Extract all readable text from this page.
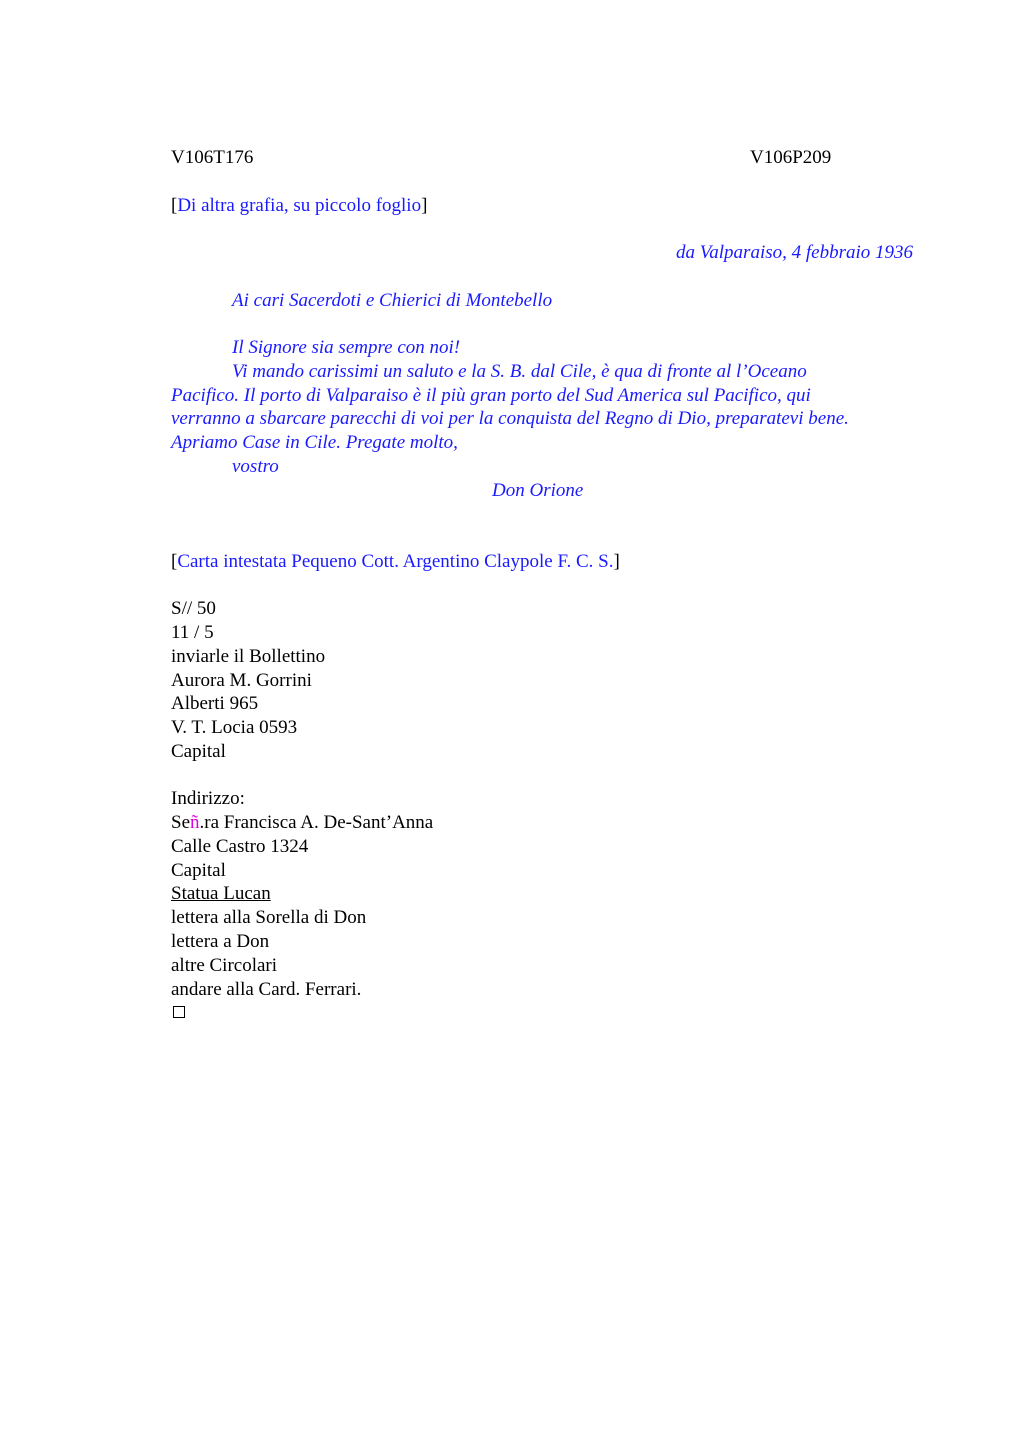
V106T176	V106P209
[Di altra grafia, su piccolo foglio]
da Valparaiso, 4 febbraio 1936
Ai cari Sacerdoti e Chierici di Montebello
Il Signore sia sempre con noi!
Vi mando carissimi un saluto e la S. B. dal Cile, è qua di fronte al l’Oceano
Pacifico. Il porto di Valparaiso è il più gran porto del Sud America sul Pacifico, qui
verranno a sbarcare parecchi di voi per la conquista del Regno di Dio, preparatevi bene.
Apriamo Case in Cile. Pregate molto,
vostro
Don Orione
[Carta intestata Pequeno Cott. Argentino Claypole F. C. S.]
S// 50
11 / 5
inviarle il Bollettino
Aurora M. Gorrini
Alberti 965
V. T. Locia 0593
Capital
Indirizzo:
Señ.ra Francisca A. De-Sant’Anna
Calle Castro 1324
Capital
Statua Lucan
lettera alla Sorella di Don
lettera a Don
altre Circolari
andare alla Card. Ferrari.
